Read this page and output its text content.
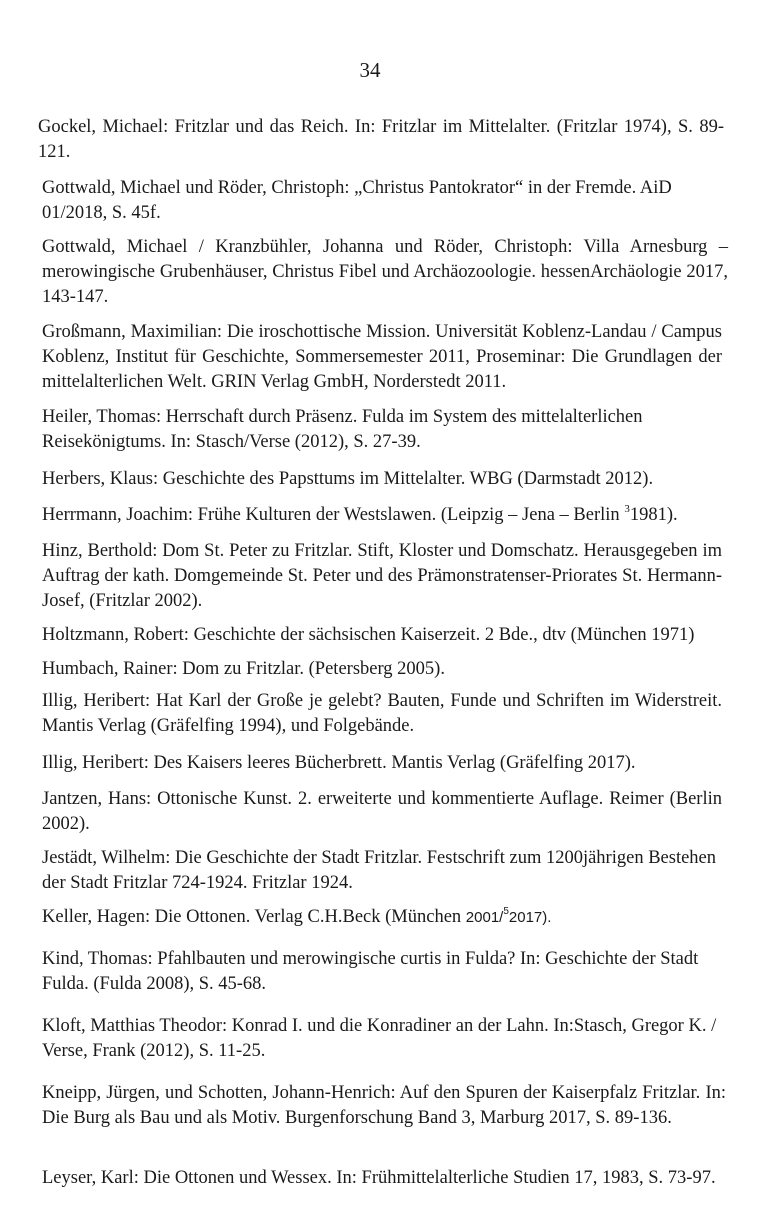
34

Gockel, Michael: Fritzlar und das Reich. In: Fritzlar im Mittelalter. (Fritzlar 1974), S. 89-121.

Gottwald, Michael und Röder, Christoph: „Christus Pantokrator“ in der Fremde. AiD 01/2018, S. 45f.

Gottwald, Michael / Kranzbühler, Johanna und Röder, Christoph: Villa Arnesburg – merowingische Grubenhäuser, Christus Fibel und Archäozoologie. hessenArchäologie 2017, 143-147.

Großmann, Maximilian: Die iroschottische Mission. Universität Koblenz-Landau / Campus Koblenz, Institut für Geschichte, Sommersemester 2011, Proseminar: Die Grundlagen der mittelalterlichen Welt. GRIN Verlag GmbH, Norderstedt 2011.

Heiler, Thomas: Herrschaft durch Präsenz. Fulda im System des mittelalterlichen Reisekönigtums. In: Stasch/Verse (2012), S. 27-39.

Herbers, Klaus: Geschichte des Papsttums im Mittelalter. WBG (Darmstadt 2012).

Herrmann, Joachim: Frühe Kulturen der Westslawen. (Leipzig – Jena – Berlin $^3$1981).

Hinz, Berthold: Dom St. Peter zu Fritzlar. Stift, Kloster und Domschatz. Herausgegeben im Auftrag der kath. Domgemeinde St. Peter und des Prämonstratenser-Priorates St. Hermann-Josef, (Fritzlar 2002).

Holtzmann, Robert: Geschichte der sächsischen Kaiserzeit. 2 Bde., dtv (München 1971)

Humbach, Rainer: Dom zu Fritzlar. (Petersberg 2005).

Illig, Heribert: Hat Karl der Große je gelebt? Bauten, Funde und Schriften im Widerstreit. Mantis Verlag (Gräfelfing 1994), und Folgebände.

Illig, Heribert: Des Kaisers leeres Bücherbrett. Mantis Verlag (Gräfelfing 2017).

Jantzen, Hans: Ottonische Kunst. 2. erweiterte und kommentierte Auflage. Reimer (Berlin 2002).

Jestädt, Wilhelm: Die Geschichte der Stadt Fritzlar. Festschrift zum 1200jährigen Bestehen der Stadt Fritzlar 724-1924. Fritzlar 1924.

Keller, Hagen: Die Ottonen. Verlag C.H.Beck (München 2001/$^5$2017).

Kind, Thomas: Pfahlbauten und merowingische curtis in Fulda? In: Geschichte der Stadt Fulda. (Fulda 2008), S. 45-68.

Kloft, Matthias Theodor: Konrad I. und die Konradiner an der Lahn. In:Stasch, Gregor K. / Verse, Frank (2012), S. 11-25.

Kneipp, Jürgen, und Schotten, Johann-Henrich: Auf den Spuren der Kaiserpfalz Fritzlar. In: Die Burg als Bau und als Motiv. Burgenforschung Band 3, Marburg 2017, S. 89-136.

Leyser, Karl: Die Ottonen und Wessex. In: Frühmittelalterliche Studien 17, 1983, S. 73-97.
